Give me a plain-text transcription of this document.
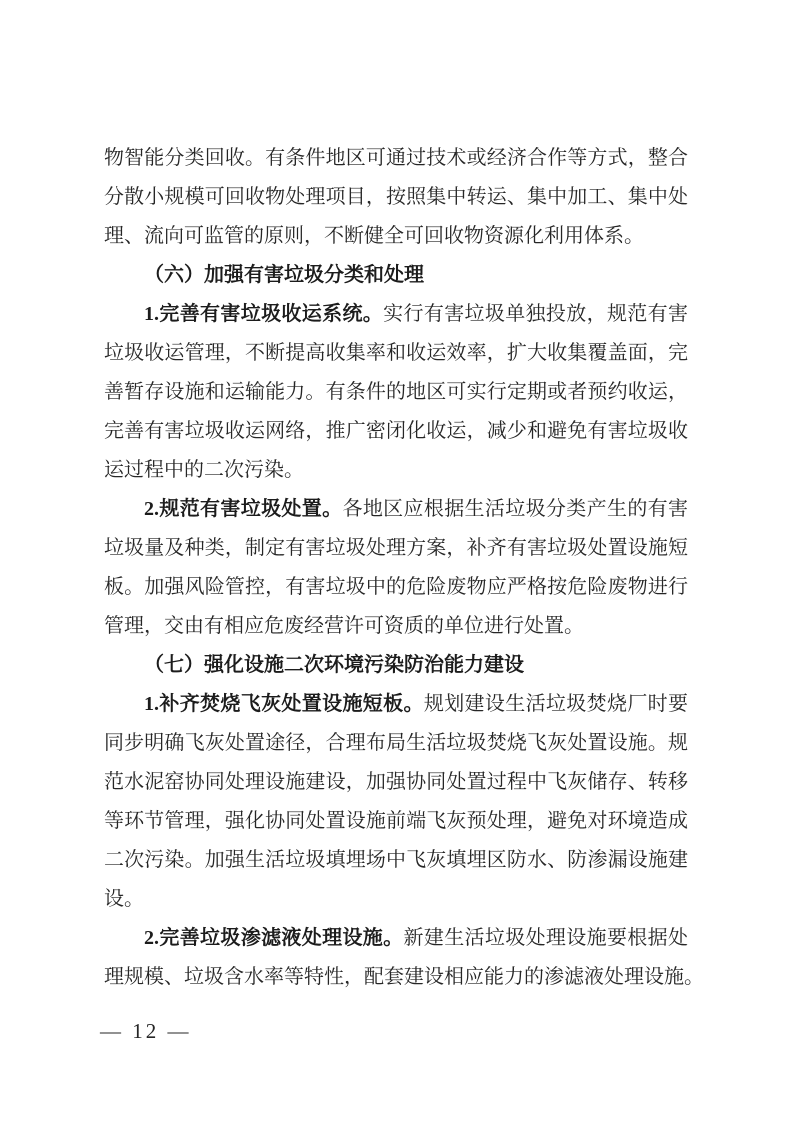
物智能分类回收。有条件地区可通过技术或经济合作等方式，整合
分散小规模可回收物处理项目，按照集中转运、集中加工、集中处
理、流向可监管的原则，不断健全可回收物资源化利用体系。
（六）加强有害垃圾分类和处理
1.完善有害垃圾收运系统。实行有害垃圾单独投放，规范有害
垃圾收运管理，不断提高收集率和收运效率，扩大收集覆盖面，完
善暂存设施和运输能力。有条件的地区可实行定期或者预约收运，
完善有害垃圾收运网络，推广密闭化收运，减少和避免有害垃圾收
运过程中的二次污染。
2.规范有害垃圾处置。各地区应根据生活垃圾分类产生的有害
垃圾量及种类，制定有害垃圾处理方案，补齐有害垃圾处置设施短
板。加强风险管控，有害垃圾中的危险废物应严格按危险废物进行
管理，交由有相应危废经营许可资质的单位进行处置。
（七）强化设施二次环境污染防治能力建设
1.补齐焚烧飞灰处置设施短板。规划建设生活垃圾焚烧厂时要
同步明确飞灰处置途径，合理布局生活垃圾焚烧飞灰处置设施。规
范水泥窑协同处理设施建设，加强协同处置过程中飞灰储存、转移
等环节管理，强化协同处置设施前端飞灰预处理，避免对环境造成
二次污染。加强生活垃圾填埋场中飞灰填埋区防水、防渗漏设施建
设。
2.完善垃圾渗滤液处理设施。新建生活垃圾处理设施要根据处
理规模、垃圾含水率等特性，配套建设相应能力的渗滤液处理设施。
— 12 —
